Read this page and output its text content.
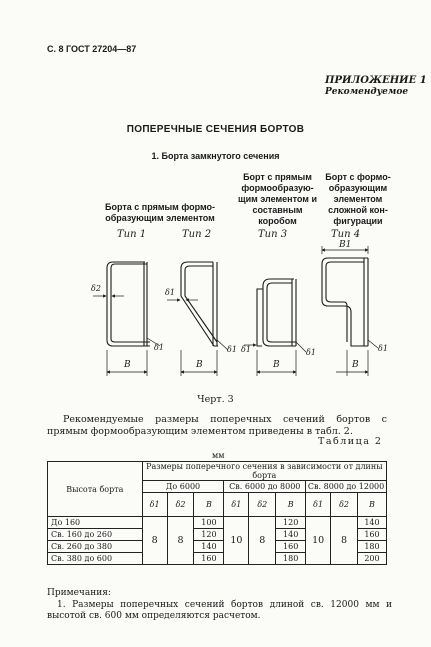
С. 8 ГОСТ 27204—87
ПРИЛОЖЕНИЕ 1
Рекомендуемое
ПОПЕРЕЧНЫЕ СЕЧЕНИЯ БОРТОВ
1. Борта замкнутого сечения
Борта с прямым формо-образующим элементом
Борт с прямым формообразую-щим элементом и составным коробом
Борт с формо-образующим элементом сложной кон-фигурации
Тип 1	Тип 2	Тип 3	Тип 4
B
δ2
δ1
B
δ1
δ1
B
δ1	δ1
B1
B
δ1
Черт. 3
Рекомендуемые размеры поперечных сечений бортов с прямым формообразующим элементом приведены в табл. 2.
Таблица 2
мм
Высота борта	Размеры поперечного сечения в зависимости от длины борта								
	До 6000			Св. 6000 до 8000			Св. 8000 до 12000		
	δ1	δ2	B	δ1	δ2	B	δ1	δ2	B
До 160	8	8	100	10	8	120	10	8	140
Св. 160 до 260			120			140			160
Св. 260 до 380			140			160			180
Св. 380 до 600			160			180			200
Примечания:
1. Размеры поперечных сечений бортов длиной св. 12000 мм и высотой св. 600 мм определяются расчетом.
